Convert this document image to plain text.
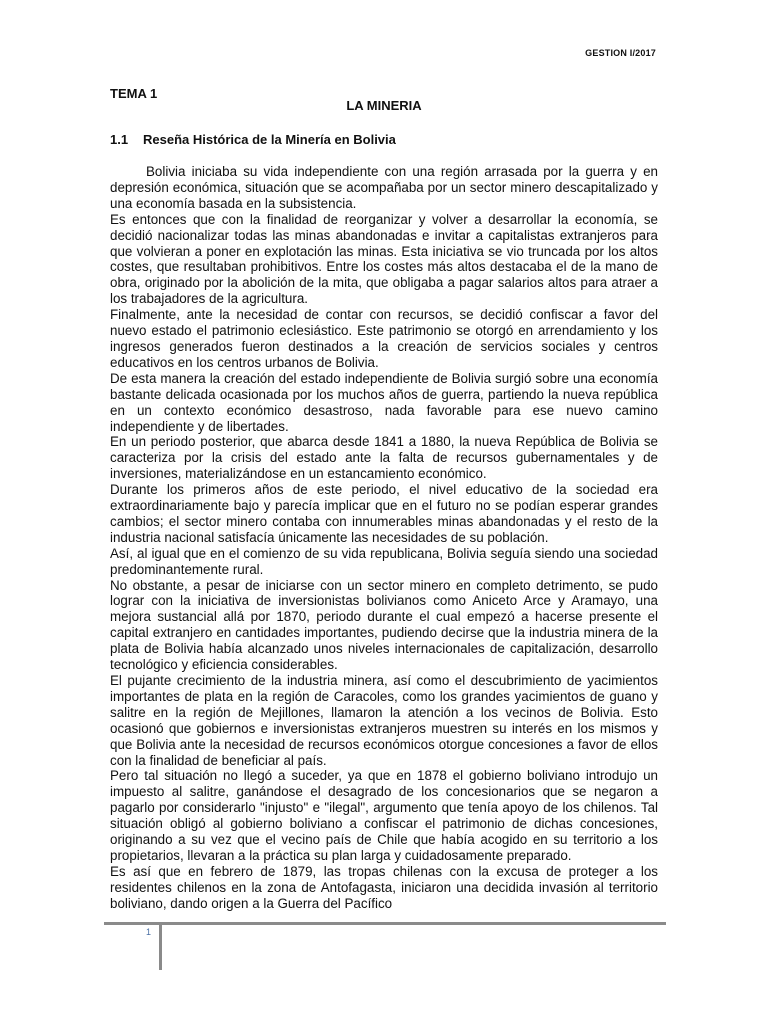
GESTION I/2017
TEMA 1
LA MINERIA
1.1 Reseña Histórica de la Minería en Bolivia

Bolivia iniciaba su vida independiente con una región arrasada por la guerra y en depresión económica, situación que se acompañaba por un sector minero descapitalizado y una economía basada en la subsistencia.

Es entonces que con la finalidad de reorganizar y volver a desarrollar la economía, se decidió nacionalizar todas las minas abandonadas e invitar a capitalistas extranjeros para que volvieran a poner en explotación las minas. Esta iniciativa se vio truncada por los altos costes, que resultaban prohibitivos. Entre los costes más altos destacaba el de la mano de obra, originado por la abolición de la mita, que obligaba a pagar salarios altos para atraer a los trabajadores de la agricultura.

Finalmente, ante la necesidad de contar con recursos, se decidió confiscar a favor del nuevo estado el patrimonio eclesiástico. Este patrimonio se otorgó en arrendamiento y los ingresos generados fueron destinados a la creación de servicios sociales y centros educativos en los centros urbanos de Bolivia.

De esta manera la creación del estado independiente de Bolivia surgió sobre una economía bastante delicada ocasionada por los muchos años de guerra, partiendo la nueva república en un contexto económico desastroso, nada favorable para ese nuevo camino independiente y de libertades.

En un periodo posterior, que abarca desde 1841 a 1880, la nueva República de Bolivia se caracteriza por la crisis del estado ante la falta de recursos gubernamentales y de inversiones, materializándose en un estancamiento económico.

Durante los primeros años de este periodo, el nivel educativo de la sociedad era extraordinariamente bajo y parecía implicar que en el futuro no se podían esperar grandes cambios; el sector minero contaba con innumerables minas abandonadas y el resto de la industria nacional satisfacía únicamente las necesidades de su población.

Así, al igual que en el comienzo de su vida republicana, Bolivia seguía siendo una sociedad predominantemente rural.

No obstante, a pesar de iniciarse con un sector minero en completo detrimento, se pudo lograr con la iniciativa de inversionistas bolivianos como Aniceto Arce y Aramayo, una mejora sustancial allá por 1870, periodo durante el cual empezó a hacerse presente el capital extranjero en cantidades importantes, pudiendo decirse que la industria minera de la plata de Bolivia había alcanzado unos niveles internacionales de capitalización, desarrollo tecnológico y eficiencia considerables.

El pujante crecimiento de la industria minera, así como el descubrimiento de yacimientos importantes de plata en la región de Caracoles, como los grandes yacimientos de guano y salitre en la región de Mejillones, llamaron la atención a los vecinos de Bolivia. Esto ocasionó que gobiernos e inversionistas extranjeros muestren su interés en los mismos y que Bolivia ante la necesidad de recursos económicos otorgue concesiones a favor de ellos con la finalidad de beneficiar al país.

Pero tal situación no llegó a suceder, ya que en 1878 el gobierno boliviano introdujo un impuesto al salitre, ganándose el desagrado de los concesionarios que se negaron a pagarlo por considerarlo "injusto" e "ilegal", argumento que tenía apoyo de los chilenos. Tal situación obligó al gobierno boliviano a confiscar el patrimonio de dichas concesiones, originando a su vez que el vecino país de Chile que había acogido en su territorio a los propietarios, llevaran a la práctica su plan larga y cuidadosamente preparado.

Es así que en febrero de 1879, las tropas chilenas con la excusa de proteger a los residentes chilenos en la zona de Antofagasta, iniciaron una decidida invasión al territorio boliviano, dando origen a la Guerra del Pacífico

1
